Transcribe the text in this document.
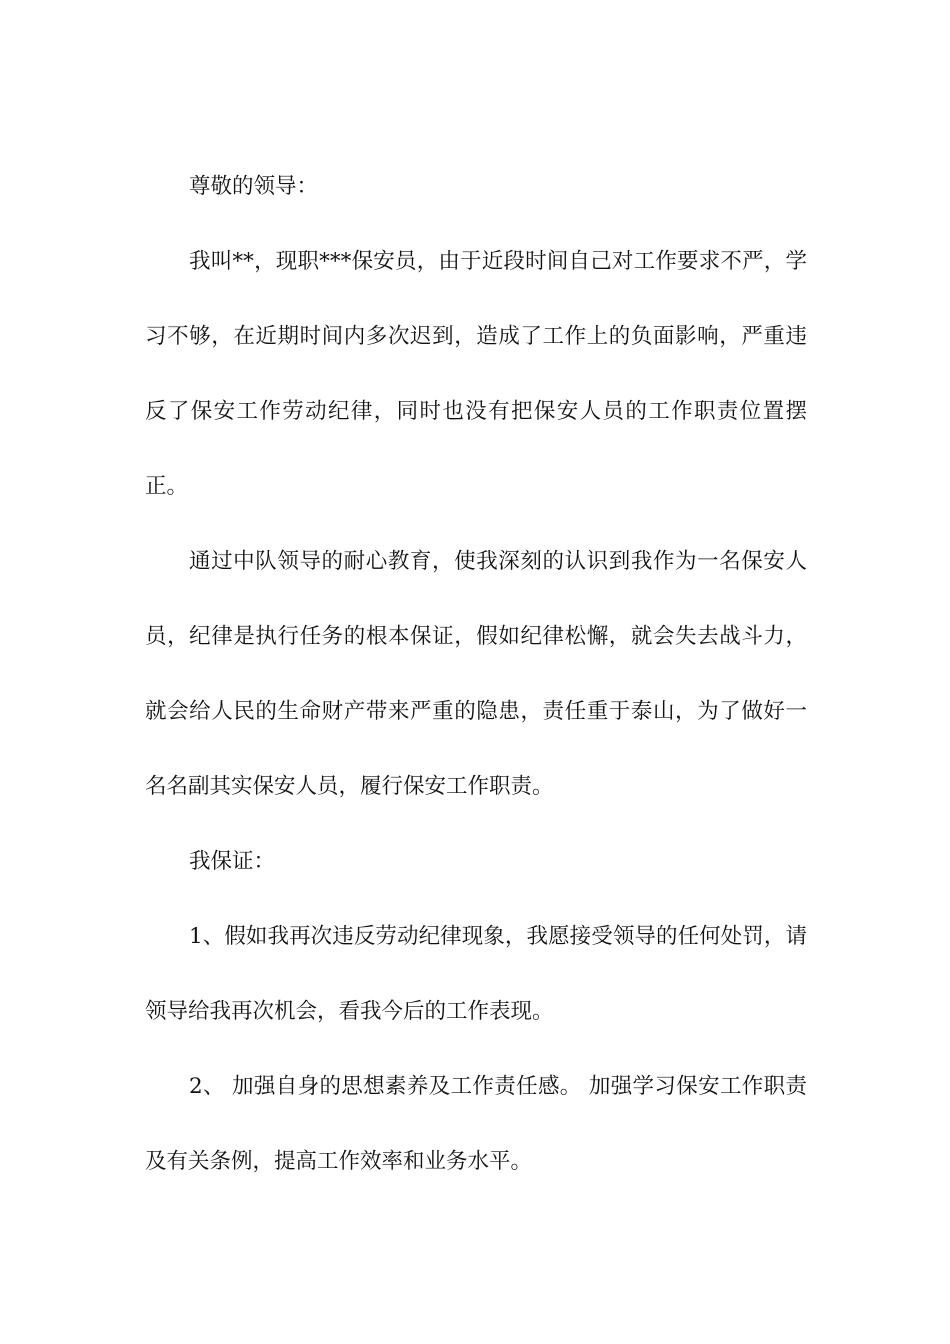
尊敬的领导：

我叫**，现职***保安员，由于近段时间自己对工作要求不严，学习不够，在近期时间内多次迟到，造成了工作上的负面影响，严重违反了保安工作劳动纪律，同时也没有把保安人员的工作职责位置摆正。

通过中队领导的耐心教育，使我深刻的认识到我作为一名保安人员，纪律是执行任务的根本保证，假如纪律松懈，就会失去战斗力，就会给人民的生命财产带来严重的隐患，责任重于泰山，为了做好一名名副其实保安人员，履行保安工作职责。

我保证：

1、假如我再次违反劳动纪律现象，我愿接受领导的任何处罚，请领导给我再次机会，看我今后的工作表现。

2、 加强自身的思想素养及工作责任感。 加强学习保安工作职责及有关条例，提高工作效率和业务水平。
